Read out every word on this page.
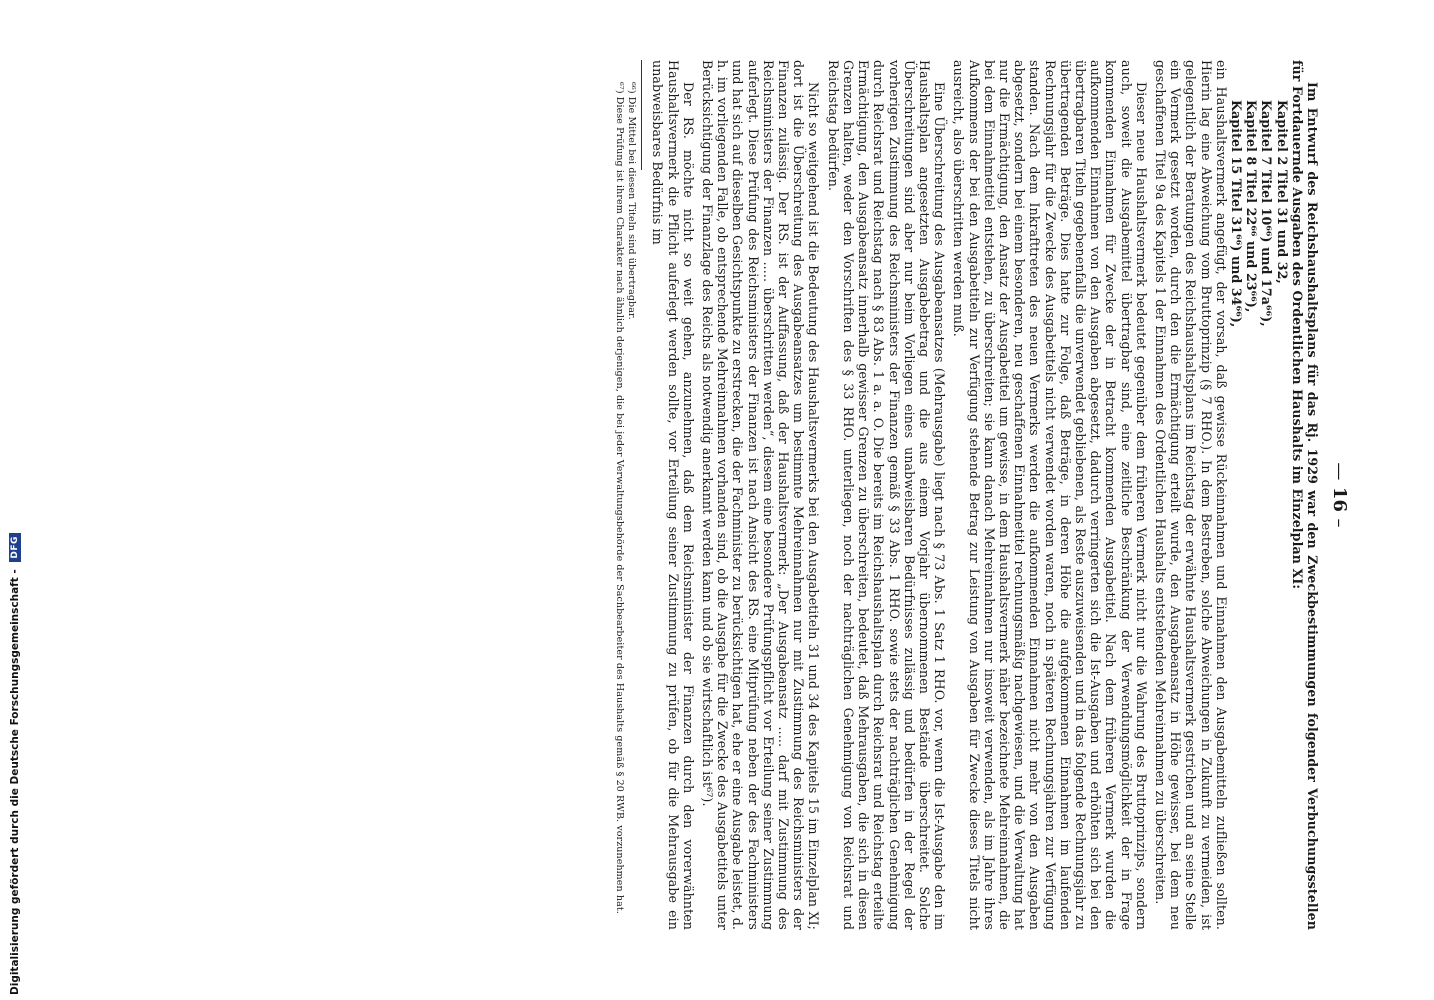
— 16 –

Im Entwurf des Reichshaushaltsplans für das Rj. 1929 war den Zweckbestimmungen folgender Verbuchungsstellen für Fortdauernde Ausgaben des Ordentlichen Haushalts im Einzelplan XI:

Kapitel 2 Titel 31 und 32,
Kapitel 7 Titel 10⁶⁶) und 17a⁶⁶),
Kapitel 8 Titel 22⁶⁶ und 23⁶⁶),
Kapitel 15 Titel 31⁶⁶) und 34⁶⁶),

ein Haushaltsvermerk angefügt, der vorsah, daß gewisse Rückeinnahmen und Einnahmen den Ausgabemitteln zufließen sollten. Hierin lag eine Abweichung vom Bruttoprinzip (§ 7 RHO.). In dem Bestreben, solche Abweichungen in Zukunft zu vermeiden, ist gelegentlich der Beratungen des Reichshaushaltsplans im Reichstag der erwähnte Haushaltsvermerk gestrichen und an seine Stelle ein Vermerk gesetzt worden, durch den die Ermächtigung erteilt wurde, den Ausgabeansatz in Höhe gewisser, bei dem neu geschaffenen Titel 9a des Kapitels 1 der Einnahmen des Ordentlichen Haushalts entstehenden Mehreinnahmen zu überschreiten.

Dieser neue Haushaltsvermerk bedeutet gegenüber dem früheren Vermerk nicht nur die Wahrung des Bruttoprinzips, sondern auch, soweit die Ausgabemittel übertragbar sind, eine zeitliche Beschränkung der Verwendungsmöglichkeit der in Frage kommenden Einnahmen für Zwecke der in Betracht kommenden Ausgabetitel. Nach dem früheren Vermerk wurden die aufkommenden Einnahmen von den Ausgaben abgesetzt, dadurch verringerten sich die Ist-Ausgaben und erhöhten sich bei den übertragbaren Titeln gegebenenfalls die unverwendet gebliebenen, als Reste auszuweisenden und in das folgende Rechnungsjahr zu übertragenden Beträge. Dies hatte zur Folge, daß Beträge, in deren Höhe die aufgekommenen Einnahmen im laufenden Rechnungsjahr für die Zwecke des Ausgabetitels nicht verwendet worden waren, noch in späteren Rechnungsjahren zur Verfügung standen. Nach dem Inkrafttreten des neuen Vermerks werden die aufkommenden Einnahmen nicht mehr von den Ausgaben abgesetzt, sondern bei einem besonderen, neu geschaffenen Einnahmetitel rechnungsmäßig nachgewiesen, und die Verwaltung hat nur die Ermächtigung, den Ansatz der Ausgabetitel um gewisse, in dem Haushaltsvermerk näher bezeichnete Mehreinnahmen, die bei dem Einnahmetitel entstehen, zu überschreiten; sie kann danach Mehreinnahmen nur insoweit verwenden, als im Jahre ihres Aufkommens der bei den Ausgabetiteln zur Verfügung stehende Betrag zur Leistung von Ausgaben für Zwecke dieses Titels nicht ausreicht, also überschritten werden muß.

Eine Überschreitung des Ausgabeansatzes (Mehrausgabe) liegt nach § 73 Abs. 1 Satz 1 RHO. vor, wenn die Ist-Ausgabe den im Haushaltsplan angesetzten Ausgabebetrag und die aus einem Vorjahr übernommenen Bestände überschreitet. Solche Überschreitungen sind aber nur beim Vorliegen eines unabweisbaren Bedürfnisses zulässig und bedürfen in der Regel der vorherigen Zustimmung des Reichsministers der Finanzen gemäß § 33 Abs. 1 RHO. sowie stets der nachträglichen Genehmigung durch Reichsrat und Reichstag nach § 83 Abs. 1 a. a. O. Die bereits im Reichshaushaltsplan durch Reichsrat und Reichstag erteilte Ermächtigung, den Ausgabeansatz innerhalb gewisser Grenzen zu überschreiten, bedeutet, daß Mehrausgaben, die sich in diesen Grenzen halten, weder den Vorschriften des § 33 RHO. unterliegen, noch der nachträglichen Genehmigung von Reichsrat und Reichstag bedürfen.

Nicht so weitgehend ist die Bedeutung des Haushaltsvermerks bei den Ausgabetiteln 31 und 34 des Kapitels 15 im Einzelplan XI; dort ist die Überschreitung des Ausgabeansatzes um bestimmte Mehreinnahmen nur mit Zustimmung des Reichsministers der Finanzen zulässig. Der RS. ist der Auffassung, daß der Haushaltsvermerk: „Der Ausgabeansatz ..... darf mit Zustimmung des Reichsministers der Finanzen ..... überschritten werden“, diesem eine besondere Prüfungspflicht vor Erteilung seiner Zustimmung auferlegt. Diese Prüfung des Reichsministers der Finanzen ist nach Ansicht des RS. eine Mitprüfung neben der des Fachministers und hat sich auf dieselben Gesichtspunkte zu erstrecken, die der Fachminister zu berücksichtigen hat, ehe er eine Ausgabe leistet, d. h. im vorliegenden Falle, ob entsprechende Mehreinnahmen vorhanden sind, ob die Ausgabe für die Zwecke des Ausgabetitels unter Berücksichtigung der Finanzlage des Reichs als notwendig anerkannt werden kann und ob sie wirtschaftlich ist⁶⁷).

Der RS. möchte nicht so weit gehen, anzunehmen, daß dem Reichsminister der Finanzen durch den vorerwähnten Haushaltsvermerk die Pflicht auferlegt werden sollte, vor Erteilung seiner Zustimmung zu prüfen, ob für die Mehrausgabe ein unabweisbares Bedürfnis im

⁶⁶) Die Mittel bei diesen Titeln sind übertragbar.

⁶⁷) Diese Prüfung ist ihrem Charakter nach ähnlich derjenigen, die bei jeder Verwaltungsbehörde der Sachbearbeiter des Haushalts gemäß § 20 RWB. vorzunehmen hat.

Digitalisierung gefördert durch die Deutsche Forschungsgemeinschaft - DFG
